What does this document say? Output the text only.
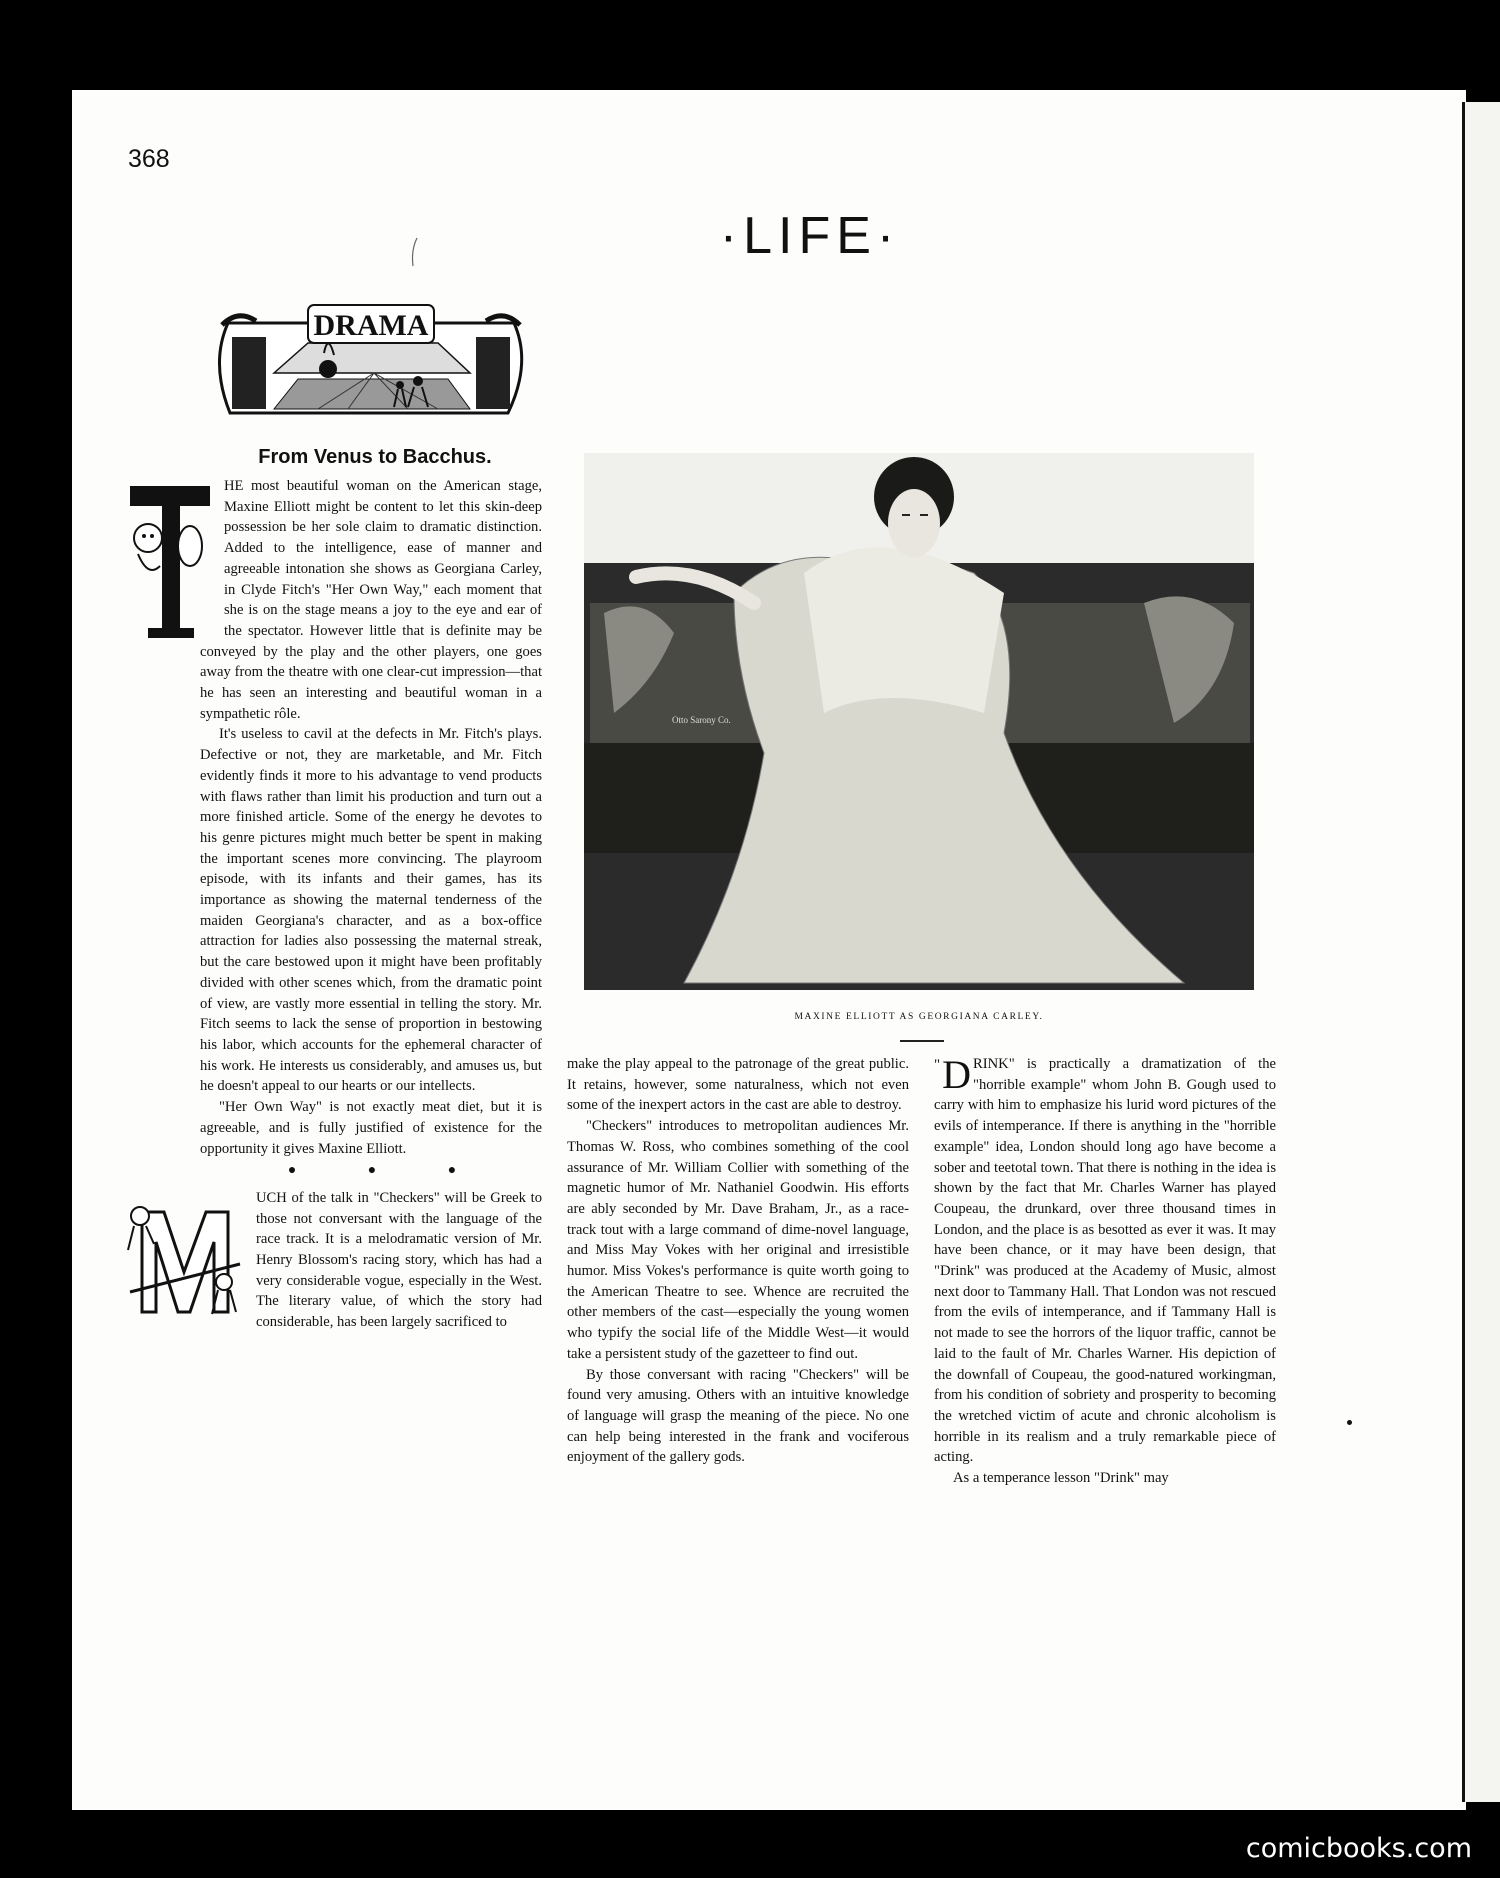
368
·LIFE·
DRAMA
From Venus to Bacchus.

HE most beautiful woman on the American stage, Maxine Elliott might be content to let this skin-deep possession be her sole claim to dramatic distinction. Added to the intelligence, ease of manner and agreeable intonation she shows as Georgiana Carley, in Clyde Fitch's "Her Own Way," each moment that she is on the stage means a joy to the eye and ear of the spectator. However little that is definite may be conveyed by the play and the other players, one goes away from the theatre with one clear-cut impression—that he has seen an interesting and beautiful woman in a sympathetic rôle.

It's useless to cavil at the defects in Mr. Fitch's plays. Defective or not, they are marketable, and Mr. Fitch evidently finds it more to his advantage to vend products with flaws rather than limit his production and turn out a more finished article. Some of the energy he devotes to his genre pictures might much better be spent in making the important scenes more convincing. The playroom episode, with its infants and their games, has its importance as showing the maternal tenderness of the maiden Georgiana's character, and as a box-office attraction for ladies also possessing the maternal streak, but the care bestowed upon it might have been profitably divided with other scenes which, from the dramatic point of view, are vastly more essential in telling the story. Mr. Fitch seems to lack the sense of proportion in bestowing his labor, which accounts for the ephemeral character of his work. He interests us considerably, and amuses us, but he doesn't appeal to our hearts or our intellects.

"Her Own Way" is not exactly meat diet, but it is agreeable, and is fully justified of existence for the opportunity it gives Maxine Elliott.

● ● ●

UCH of the talk in "Checkers" will be Greek to those not conversant with the language of the race track. It is a melodramatic version of Mr. Henry Blossom's racing story, which has had a very considerable vogue, especially in the West. The literary value, of which the story had considerable, has been largely sacrificed to

Otto Sarony Co.
MAXINE ELLIOTT AS GEORGIANA CARLEY.

make the play appeal to the patronage of the great public. It retains, however, some naturalness, which not even some of the inexpert actors in the cast are able to destroy.

"Checkers" introduces to metropolitan audiences Mr. Thomas W. Ross, who combines something of the cool assurance of Mr. William Collier with something of the magnetic humor of Mr. Nathaniel Goodwin. His efforts are ably seconded by Mr. Dave Braham, Jr., as a race-track tout with a large command of dime-novel language, and Miss May Vokes with her original and irresistible humor. Miss Vokes's performance is quite worth going to the American Theatre to see. Whence are recruited the other members of the cast—especially the young women who typify the social life of the Middle West—it would take a persistent study of the gazetteer to find out.

By those conversant with racing "Checkers" will be found very amusing. Others with an intuitive knowledge of language will grasp the meaning of the piece. No one can help being interested in the frank and vociferous enjoyment of the gallery gods.

" D RINK" is practically a dramatization of the "horrible example" whom John B. Gough used to carry with him to emphasize his lurid word pictures of the evils of intemperance. If there is anything in the "horrible example" idea, London should long ago have become a sober and teetotal town. That there is nothing in the idea is shown by the fact that Mr. Charles Warner has played Coupeau, the drunkard, over three thousand times in London, and the place is as besotted as ever it was. It may have been chance, or it may have been design, that "Drink" was produced at the Academy of Music, almost next door to Tammany Hall. That London was not rescued from the evils of intemperance, and if Tammany Hall is not made to see the horrors of the liquor traffic, cannot be laid to the fault of Mr. Charles Warner. His depiction of the downfall of Coupeau, the good-natured workingman, from his condition of sobriety and prosperity to becoming the wretched victim of acute and chronic alcoholism is horrible in its realism and a truly remarkable piece of acting.

As a temperance lesson "Drink" may

comicbooks.com
